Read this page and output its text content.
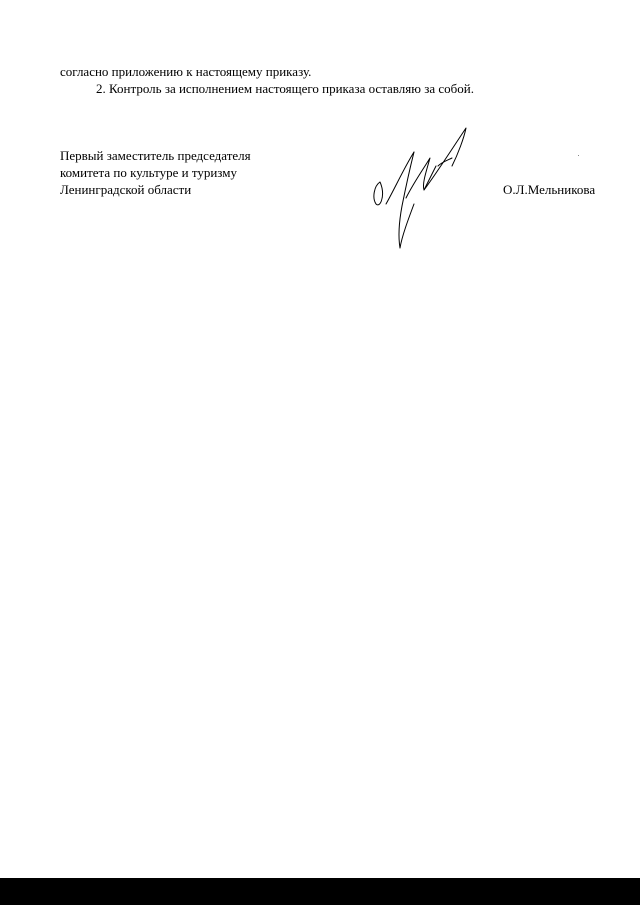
согласно приложению к настоящему приказу.
2. Контроль за исполнением настоящего приказа оставляю за собой.
Первый заместитель председателя
комитета по культуре и туризму
Ленинградской области	О.Л.Мельникова
